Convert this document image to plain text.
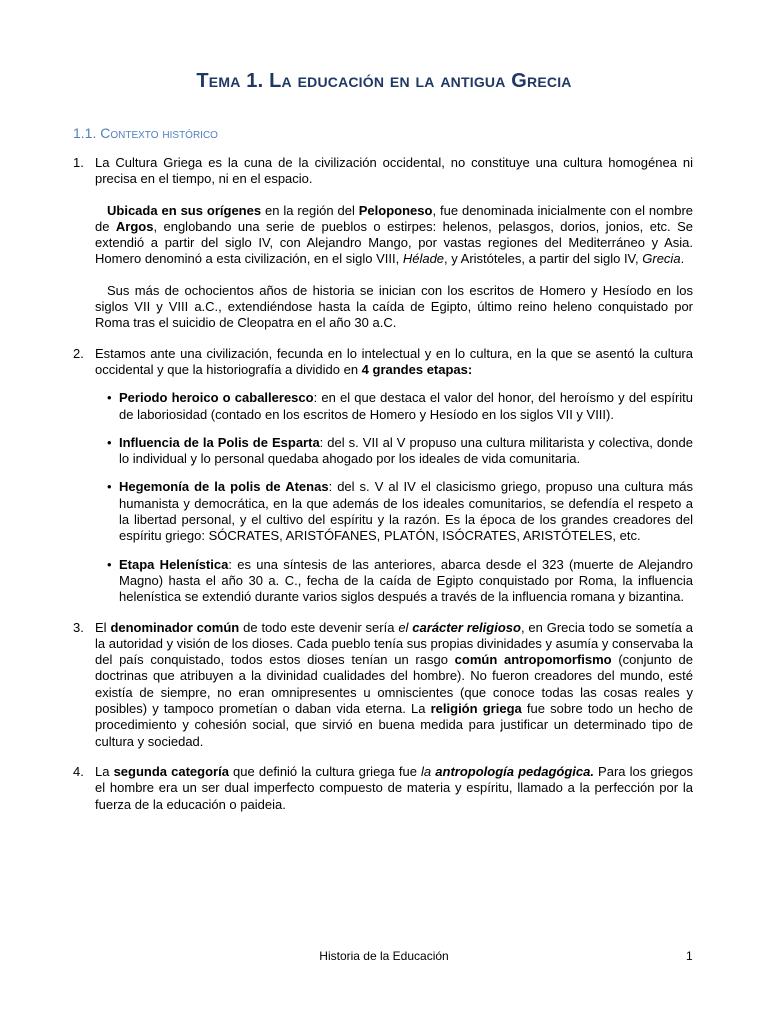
Tema 1. La educación en la antigua Grecia
1.1. Contexto histórico
1. La Cultura Griega es la cuna de la civilización occidental, no constituye una cultura homogénea ni precisa en el tiempo, ni en el espacio.

Ubicada en sus orígenes en la región del Peloponeso, fue denominada inicialmente con el nombre de Argos, englobando una serie de pueblos o estirpes: helenos, pelasgos, dorios, jonios, etc. Se extendió a partir del siglo IV, con Alejandro Mango, por vastas regiones del Mediterráneo y Asia. Homero denominó a esta civilización, en el siglo VIII, Hélade, y Aristóteles, a partir del siglo IV, Grecia.

Sus más de ochocientos años de historia se inician con los escritos de Homero y Hesíodo en los siglos VII y VIII a.C., extendiéndose hasta la caída de Egipto, último reino heleno conquistado por Roma tras el suicidio de Cleopatra en el año 30 a.C.

2. Estamos ante una civilización, fecunda en lo intelectual y en lo cultura, en la que se asentó la cultura occidental y que la historiografía a dividido en 4 grandes etapas:

• Periodo heroico o caballeresco: en el que destaca el valor del honor, del heroísmo y del espíritu de laboriosidad (contado en los escritos de Homero y Hesíodo en los siglos VII y VIII).
• Influencia de la Polis de Esparta: del s. VII al V propuso una cultura militarista y colectiva, donde lo individual y lo personal quedaba ahogado por los ideales de vida comunitaria.
• Hegemonía de la polis de Atenas: del s. V al IV el clasicismo griego, propuso una cultura más humanista y democrática, en la que además de los ideales comunitarios, se defendía el respeto a la libertad personal, y el cultivo del espíritu y la razón. Es la época de los grandes creadores del espíritu griego: SÓCRATES, ARISTÓFANES, PLATÓN, ISÓCRATES, ARISTÓTELES, etc.
• Etapa Helenística: es una síntesis de las anteriores, abarca desde el 323 (muerte de Alejandro Magno) hasta el año 30 a. C., fecha de la caída de Egipto conquistado por Roma, la influencia helenística se extendió durante varios siglos después a través de la influencia romana y bizantina.
3. El denominador común de todo este devenir sería el carácter religioso, en Grecia todo se sometía a la autoridad y visión de los dioses. Cada pueblo tenía sus propias divinidades y asumía y conservaba la del país conquistado, todos estos dioses tenían un rasgo común antropomorfismo (conjunto de doctrinas que atribuyen a la divinidad cualidades del hombre). No fueron creadores del mundo, esté existía de siempre, no eran omnipresentes u omniscientes (que conoce todas las cosas reales y posibles) y tampoco prometían o daban vida eterna. La religión griega fue sobre todo un hecho de procedimiento y cohesión social, que sirvió en buena medida para justificar un determinado tipo de cultura y sociedad.

4. La segunda categoría que definió la cultura griega fue la antropología pedagógica. Para los griegos el hombre era un ser dual imperfecto compuesto de materia y espíritu, llamado a la perfección por la fuerza de la educación o paideia.

Historia de la Educación	1
